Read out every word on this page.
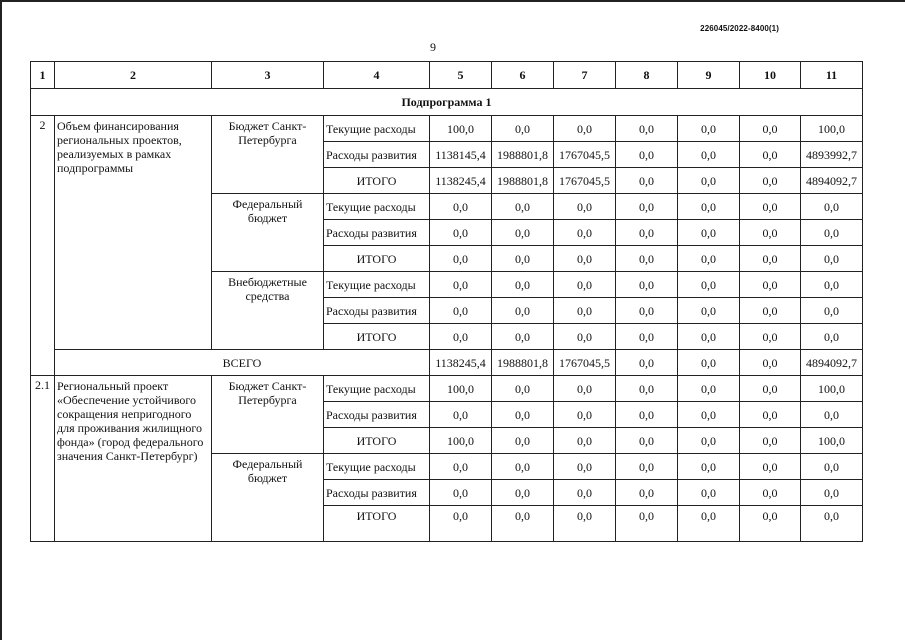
226045/2022-8400(1)
9
1	2	3	4	5	6	7	8	9	10	11
Подпрограмма 1										
2	Объем финансирования региональных проектов, реализуемых в рамках подпрограммы	Бюджет Санкт-Петербурга	Текущие расходы	100,0	0,0	0,0	0,0	0,0	0,0	100,0
			Расходы развития	1138145,4	1988801,8	1767045,5	0,0	0,0	0,0	4893992,7
			ИТОГО	1138245,4	1988801,8	1767045,5	0,0	0,0	0,0	4894092,7
		Федеральный бюджет	Текущие расходы	0,0	0,0	0,0	0,0	0,0	0,0	0,0
			Расходы развития	0,0	0,0	0,0	0,0	0,0	0,0	0,0
			ИТОГО	0,0	0,0	0,0	0,0	0,0	0,0	0,0
		Внебюджетные средства	Текущие расходы	0,0	0,0	0,0	0,0	0,0	0,0	0,0
			Расходы развития	0,0	0,0	0,0	0,0	0,0	0,0	0,0
			ИТОГО	0,0	0,0	0,0	0,0	0,0	0,0	0,0
	ВСЕГО			1138245,4	1988801,8	1767045,5	0,0	0,0	0,0	4894092,7
2.1	Региональный проект «Обеспечение устойчивого сокращения непригодного для проживания жилищного фонда» (город федерального значения Санкт-Петербург)	Бюджет Санкт-Петербурга	Текущие расходы	100,0	0,0	0,0	0,0	0,0	0,0	100,0
			Расходы развития	0,0	0,0	0,0	0,0	0,0	0,0	0,0
			ИТОГО	100,0	0,0	0,0	0,0	0,0	0,0	100,0
		Федеральный бюджет	Текущие расходы	0,0	0,0	0,0	0,0	0,0	0,0	0,0
			Расходы развития	0,0	0,0	0,0	0,0	0,0	0,0	0,0
			ИТОГО	0,0	0,0	0,0	0,0	0,0	0,0	0,0
